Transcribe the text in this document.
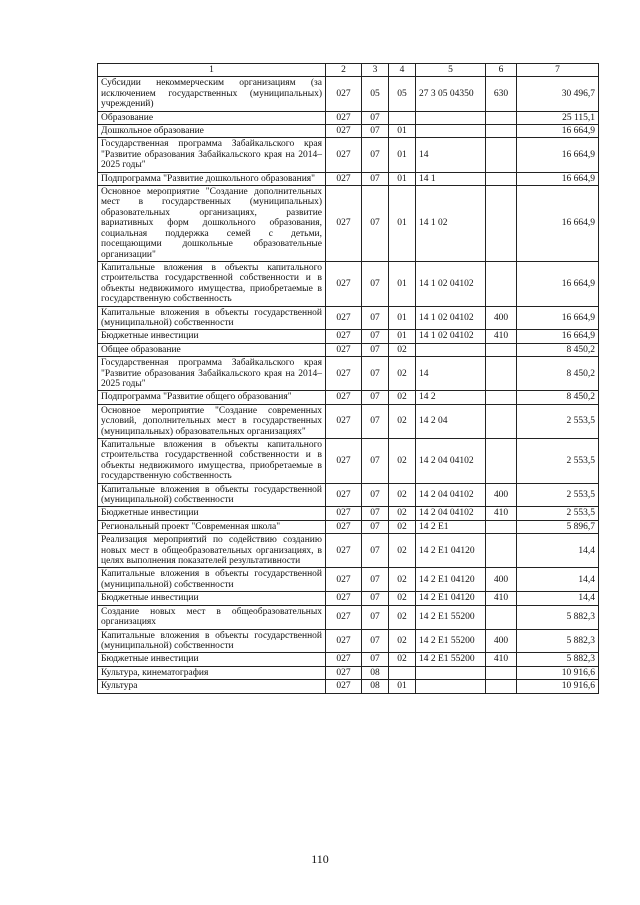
1	2	3	4	5	6	7
Субсидии некоммерческим организациям (за исключением государственных (муниципальных) учреждений)	027	05	05	27 3 05 04350	630	30 496,7
Образование	027	07				25 115,1
Дошкольное образование	027	07	01			16 664,9
Государственная программа Забайкальского края "Развитие образования Забайкальского края на 2014–2025 годы"	027	07	01	14		16 664,9
Подпрограмма "Развитие дошкольного образования"	027	07	01	14 1		16 664,9
Основное мероприятие "Создание дополнительных мест в государственных (муниципальных) образовательных организациях, развитие вариативных форм дошкольного образования, социальная поддержка семей с детьми, посещающими дошкольные образовательные организации"	027	07	01	14 1 02		16 664,9
Капитальные вложения в объекты капитального строительства государственной собственности и в объекты недвижимого имущества, приобретаемые в государственную собственность	027	07	01	14 1 02 04102		16 664,9
Капитальные вложения в объекты государственной (муниципальной) собственности	027	07	01	14 1 02 04102	400	16 664,9
Бюджетные инвестиции	027	07	01	14 1 02 04102	410	16 664,9
Общее образование	027	07	02			8 450,2
Государственная программа Забайкальского края "Развитие образования Забайкальского края на 2014–2025 годы"	027	07	02	14		8 450,2
Подпрограмма "Развитие общего образования"	027	07	02	14 2		8 450,2
Основное мероприятие "Создание современных условий, дополнительных мест в государственных (муниципальных) образовательных организациях"	027	07	02	14 2 04		2 553,5
Капитальные вложения в объекты капитального строительства государственной собственности и в объекты недвижимого имущества, приобретаемые в государственную собственность	027	07	02	14 2 04 04102		2 553,5
Капитальные вложения в объекты государственной (муниципальной) собственности	027	07	02	14 2 04 04102	400	2 553,5
Бюджетные инвестиции	027	07	02	14 2 04 04102	410	2 553,5
Региональный проект "Современная школа"	027	07	02	14 2 E1		5 896,7
Реализация мероприятий по содействию созданию новых мест в общеобразовательных организациях, в целях выполнения показателей результативности	027	07	02	14 2 E1 04120		14,4
Капитальные вложения в объекты государственной (муниципальной) собственности	027	07	02	14 2 E1 04120	400	14,4
Бюджетные инвестиции	027	07	02	14 2 E1 04120	410	14,4
Создание новых мест в общеобразовательных организациях	027	07	02	14 2 E1 55200		5 882,3
Капитальные вложения в объекты государственной (муниципальной) собственности	027	07	02	14 2 E1 55200	400	5 882,3
Бюджетные инвестиции	027	07	02	14 2 E1 55200	410	5 882,3
Культура, кинематография	027	08				10 916,6
Культура	027	08	01			10 916,6
110
